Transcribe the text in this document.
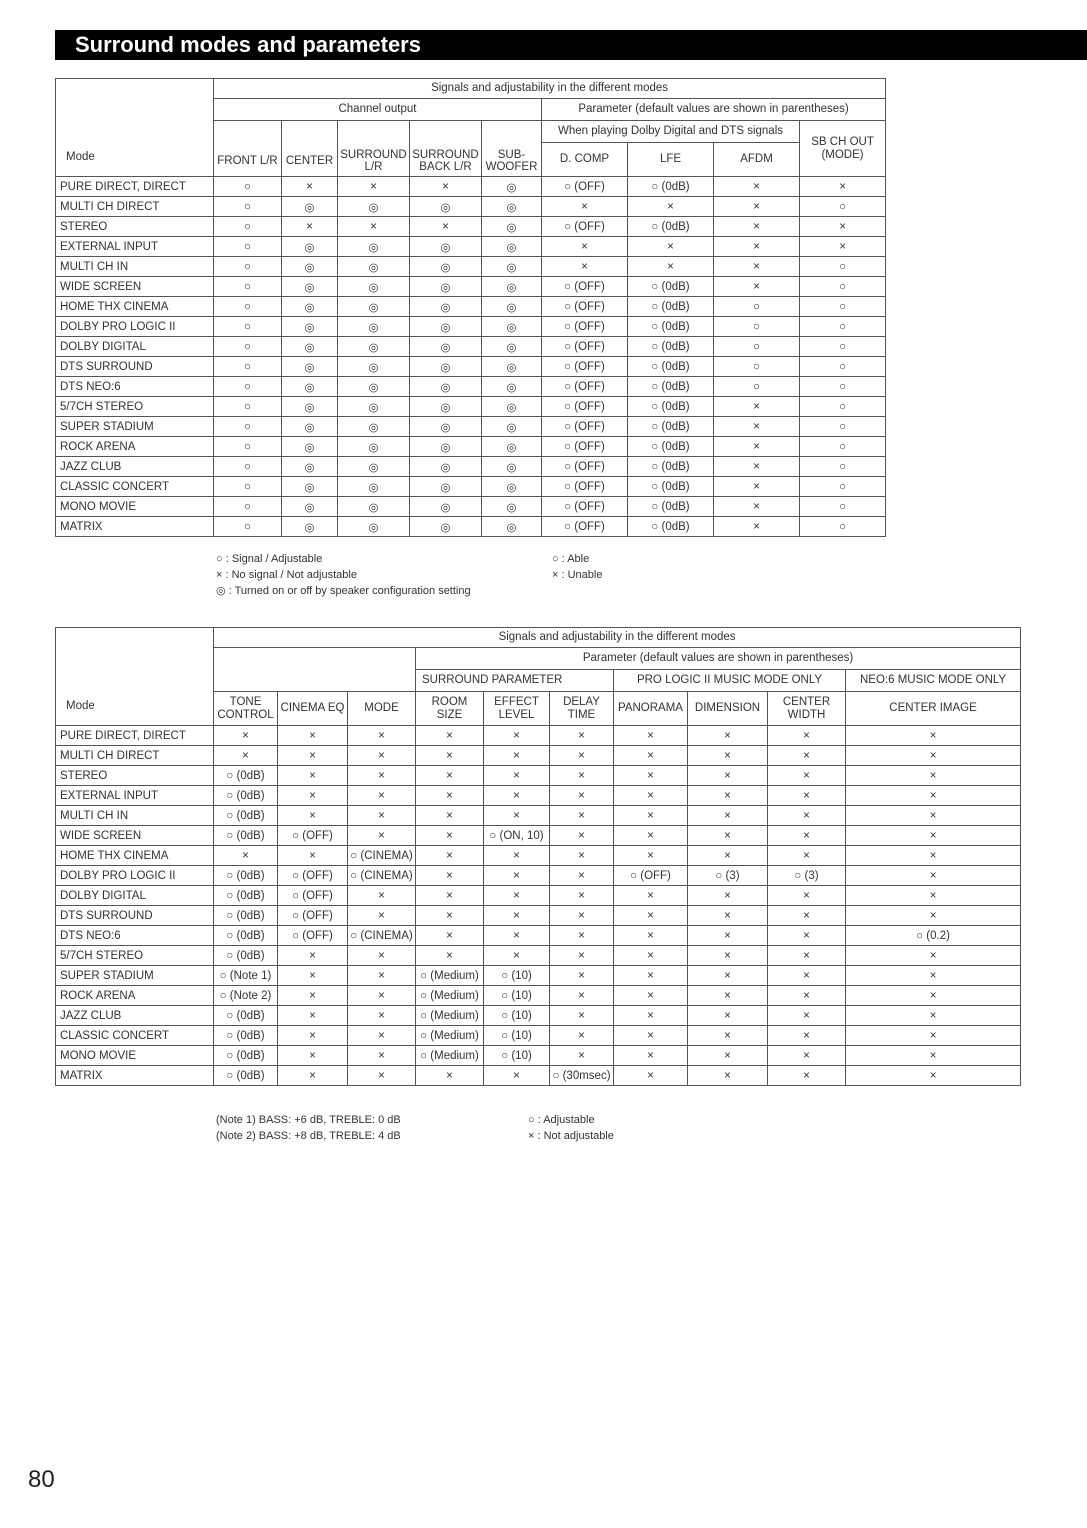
Surround modes and parameters
Mode	Signals and adjustability in the different modes								
	Channel output					Parameter (default values are shown in parentheses)			
	FRONT L/R	CENTER	SURROUND L/R	SURROUND BACK L/R	SUB-WOOFER	When playing Dolby Digital and DTS signals			SB CH OUT (MODE)
						D. COMP	LFE	AFDM	
PURE DIRECT, DIRECT	○	×	×	×	◎	○ (OFF)	○ (0dB)	×	×
MULTI CH DIRECT	○	◎	◎	◎	◎	×	×	×	○
STEREO	○	×	×	×	◎	○ (OFF)	○ (0dB)	×	×
EXTERNAL INPUT	○	◎	◎	◎	◎	×	×	×	×
MULTI CH IN	○	◎	◎	◎	◎	×	×	×	○
WIDE SCREEN	○	◎	◎	◎	◎	○ (OFF)	○ (0dB)	×	○
HOME THX CINEMA	○	◎	◎	◎	◎	○ (OFF)	○ (0dB)	○	○
DOLBY PRO LOGIC II	○	◎	◎	◎	◎	○ (OFF)	○ (0dB)	○	○
DOLBY DIGITAL	○	◎	◎	◎	◎	○ (OFF)	○ (0dB)	○	○
DTS SURROUND	○	◎	◎	◎	◎	○ (OFF)	○ (0dB)	○	○
DTS NEO:6	○	◎	◎	◎	◎	○ (OFF)	○ (0dB)	○	○
5/7CH STEREO	○	◎	◎	◎	◎	○ (OFF)	○ (0dB)	×	○
SUPER STADIUM	○	◎	◎	◎	◎	○ (OFF)	○ (0dB)	×	○
ROCK ARENA	○	◎	◎	◎	◎	○ (OFF)	○ (0dB)	×	○
JAZZ CLUB	○	◎	◎	◎	◎	○ (OFF)	○ (0dB)	×	○
CLASSIC CONCERT	○	◎	◎	◎	◎	○ (OFF)	○ (0dB)	×	○
MONO MOVIE	○	◎	◎	◎	◎	○ (OFF)	○ (0dB)	×	○
MATRIX	○	◎	◎	◎	◎	○ (OFF)	○ (0dB)	×	○
○ : Signal / Adjustable
× : No signal / Not adjustable
◎ : Turned on or off by speaker configuration setting
○ : Able
× : Unable
Mode	Signals and adjustability in the different modes									
				Parameter (default values are shown in parentheses)						
				SURROUND PARAMETER			PRO LOGIC II MUSIC MODE ONLY			NEO:6 MUSIC MODE ONLY
	TONE CONTROL	CINEMA EQ	MODE	ROOM SIZE	EFFECT LEVEL	DELAY TIME	PANORAMA	DIMENSION	CENTER WIDTH	CENTER IMAGE
PURE DIRECT, DIRECT	×	×	×	×	×	×	×	×	×	×
MULTI CH DIRECT	×	×	×	×	×	×	×	×	×	×
STEREO	○ (0dB)	×	×	×	×	×	×	×	×	×
EXTERNAL INPUT	○ (0dB)	×	×	×	×	×	×	×	×	×
MULTI CH IN	○ (0dB)	×	×	×	×	×	×	×	×	×
WIDE SCREEN	○ (0dB)	○ (OFF)	×	×	○ (ON, 10)	×	×	×	×	×
HOME THX CINEMA	×	×	○ (CINEMA)	×	×	×	×	×	×	×
DOLBY PRO LOGIC II	○ (0dB)	○ (OFF)	○ (CINEMA)	×	×	×	○ (OFF)	○ (3)	○ (3)	×
DOLBY DIGITAL	○ (0dB)	○ (OFF)	×	×	×	×	×	×	×	×
DTS SURROUND	○ (0dB)	○ (OFF)	×	×	×	×	×	×	×	×
DTS NEO:6	○ (0dB)	○ (OFF)	○ (CINEMA)	×	×	×	×	×	×	○ (0.2)
5/7CH STEREO	○ (0dB)	×	×	×	×	×	×	×	×	×
SUPER STADIUM	○ (Note 1)	×	×	○ (Medium)	○ (10)	×	×	×	×	×
ROCK ARENA	○ (Note 2)	×	×	○ (Medium)	○ (10)	×	×	×	×	×
JAZZ CLUB	○ (0dB)	×	×	○ (Medium)	○ (10)	×	×	×	×	×
CLASSIC CONCERT	○ (0dB)	×	×	○ (Medium)	○ (10)	×	×	×	×	×
MONO MOVIE	○ (0dB)	×	×	○ (Medium)	○ (10)	×	×	×	×	×
MATRIX	○ (0dB)	×	×	×	×	○ (30msec)	×	×	×	×
(Note 1) BASS: +6 dB, TREBLE: 0 dB
(Note 2) BASS: +8 dB, TREBLE: 4 dB
○ : Adjustable
× : Not adjustable
80
